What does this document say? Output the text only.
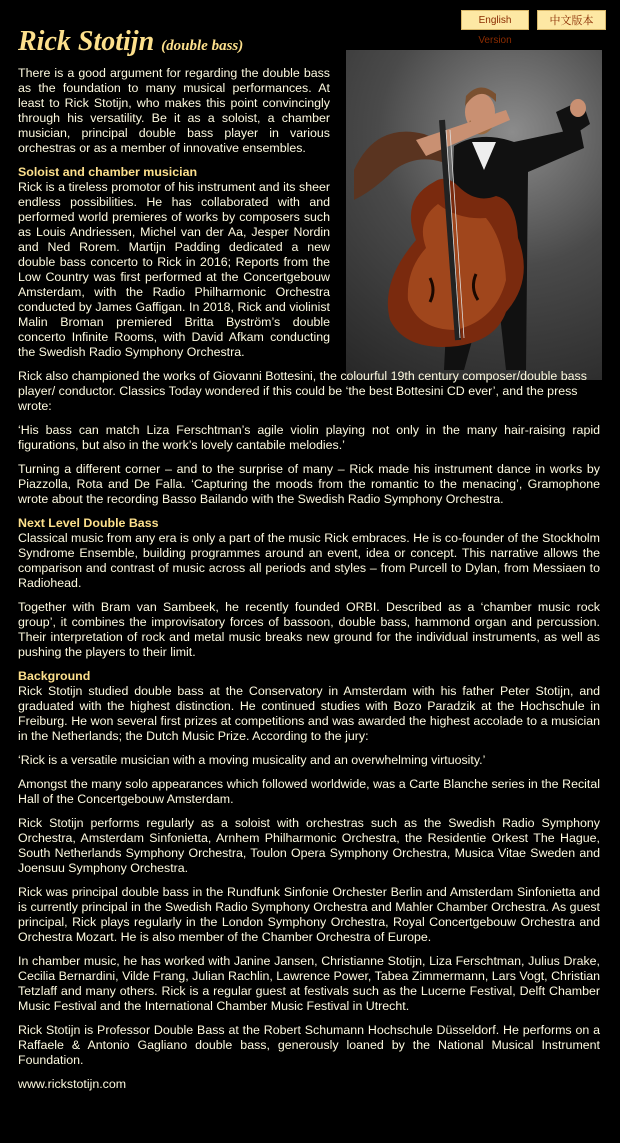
English Version
中文版本
Rick Stotijn (double bass)

There is a good argument for regarding the double bass as the foundation to many musical performances. At least to Rick Stotijn, who makes this point convincingly through his versatility. Be it as a soloist, a chamber musician, principal double bass player in various orchestras or as a member of innovative ensembles.

Soloist and chamber musician

Rick is a tireless promotor of his instrument and its sheer endless possibilities. He has collaborated with and performed world premieres of works by composers such as Louis Andriessen, Michel van der Aa, Jesper Nordin and Ned Rorem. Martijn Padding dedicated a new double bass concerto to Rick in 2016; Reports from the Low Country was first performed at the Concertgebouw Amsterdam, with the Radio Philharmonic Orchestra conducted by James Gaffigan. In 2018, Rick and violinist Malin Broman premiered Britta Byström’s double concerto Infinite Rooms, with David Afkam conducting the Swedish Radio Symphony Orchestra.

Rick also championed the works of Giovanni Bottesini, the colourful 19th century composer/double bass player/ conductor. Classics Today wondered if this could be ‘the best Bottesini CD ever’, and the press wrote:

‘His bass can match Liza Ferschtman’s agile violin playing not only in the many hair-raising rapid figurations, but also in the work’s lovely cantabile melodies.’

Turning a different corner – and to the surprise of many – Rick made his instrument dance in works by Piazzolla, Rota and De Falla. ‘Capturing the moods from the romantic to the menacing’, Gramophone wrote about the recording Basso Bailando with the Swedish Radio Symphony Orchestra.

Next Level Double Bass

Classical music from any era is only a part of the music Rick embraces. He is co-founder of the Stockholm Syndrome Ensemble, building programmes around an event, idea or concept. This narrative allows the comparison and contrast of music across all periods and styles – from Purcell to Dylan, from Messiaen to Radiohead.

Together with Bram van Sambeek, he recently founded ORBI. Described as a ‘chamber music rock group’, it combines the improvisatory forces of bassoon, double bass, hammond organ and percussion. Their interpretation of rock and metal music breaks new ground for the individual instruments, as well as pushing the players to their limit.

Background

Rick Stotijn studied double bass at the Conservatory in Amsterdam with his father Peter Stotijn, and graduated with the highest distinction. He continued studies with Bozo Paradzik at the Hochschule in Freiburg. He won several first prizes at competitions and was awarded the highest accolade to a musician in the Netherlands; the Dutch Music Prize. According to the jury:

‘Rick is a versatile musician with a moving musicality and an overwhelming virtuosity.’

Amongst the many solo appearances which followed worldwide, was a Carte Blanche series in the Recital Hall of the Concertgebouw Amsterdam.

Rick Stotijn performs regularly as a soloist with orchestras such as the Swedish Radio Symphony Orchestra, Amsterdam Sinfonietta, Arnhem Philharmonic Orchestra, the Residentie Orkest The Hague, South Netherlands Symphony Orchestra, Toulon Opera Symphony Orchestra, Musica Vitae Sweden and Joensuu Symphony Orchestra.

Rick was principal double bass in the Rundfunk Sinfonie Orchester Berlin and Amsterdam Sinfonietta and is currently principal in the Swedish Radio Symphony Orchestra and Mahler Chamber Orchestra. As guest principal, Rick plays regularly in the London Symphony Orchestra, Royal Concertgebouw Orchestra and Orchestra Mozart. He is also member of the Chamber Orchestra of Europe.

In chamber music, he has worked with Janine Jansen, Christianne Stotijn, Liza Ferschtman, Julius Drake, Cecilia Bernardini, Vilde Frang, Julian Rachlin, Lawrence Power, Tabea Zimmermann, Lars Vogt, Christian Tetzlaff and many others. Rick is a regular guest at festivals such as the Lucerne Festival, Delft Chamber Music Festival and the International Chamber Music Festival in Utrecht.

Rick Stotijn is Professor Double Bass at the Robert Schumann Hochschule Düsseldorf. He performs on a Raffaele & Antonio Gagliano double bass, generously loaned by the National Musical Instrument Foundation.

www.rickstotijn.com
